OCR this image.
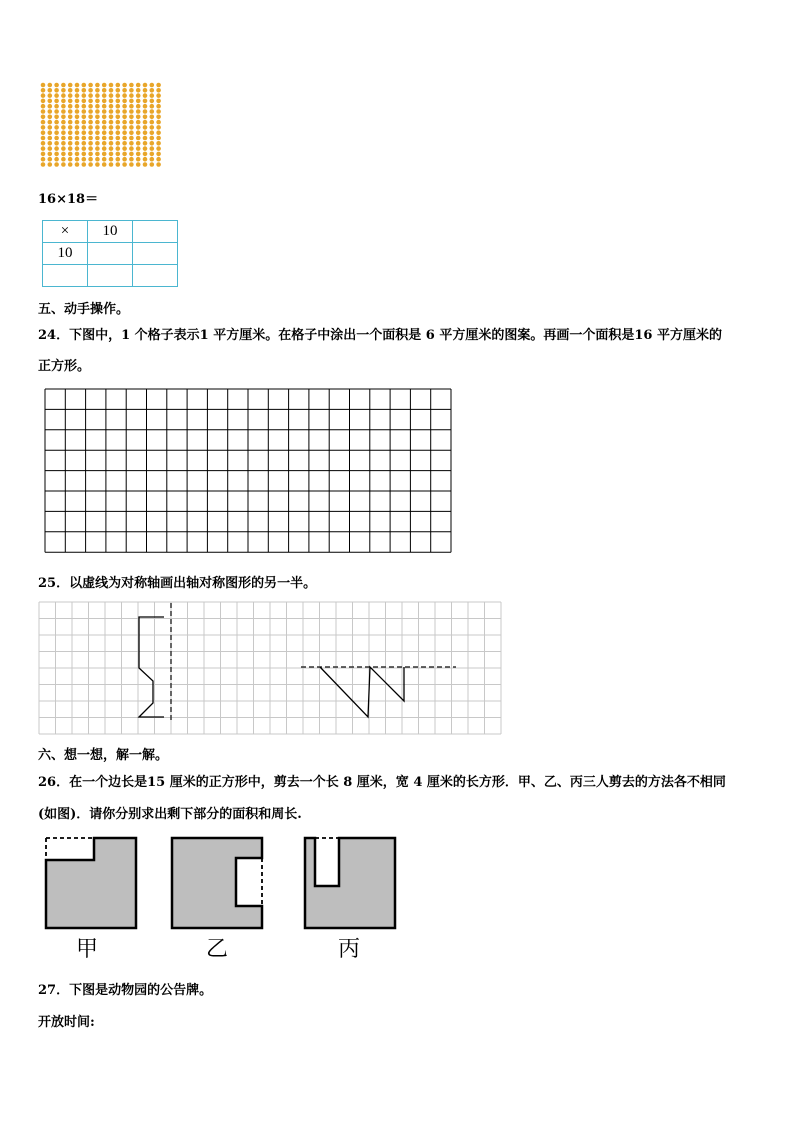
16×18＝
×	10	
10		

五、动手操作。
24．下图中，1 个格子表示1 平方厘米。在格子中涂出一个面积是 6 平方厘米的图案。再画一个面积是16 平方厘米的
正方形。
25．以虚线为对称轴画出轴对称图形的另一半。
六、想一想，解一解。
26．在一个边长是15 厘米的正方形中，剪去一个长 8 厘米，宽 4 厘米的长方形．甲、乙、丙三人剪去的方法各不相同
(如图)．请你分别求出剩下部分的面积和周长.
甲	乙	丙
27．下图是动物园的公告牌。
开放时间:
